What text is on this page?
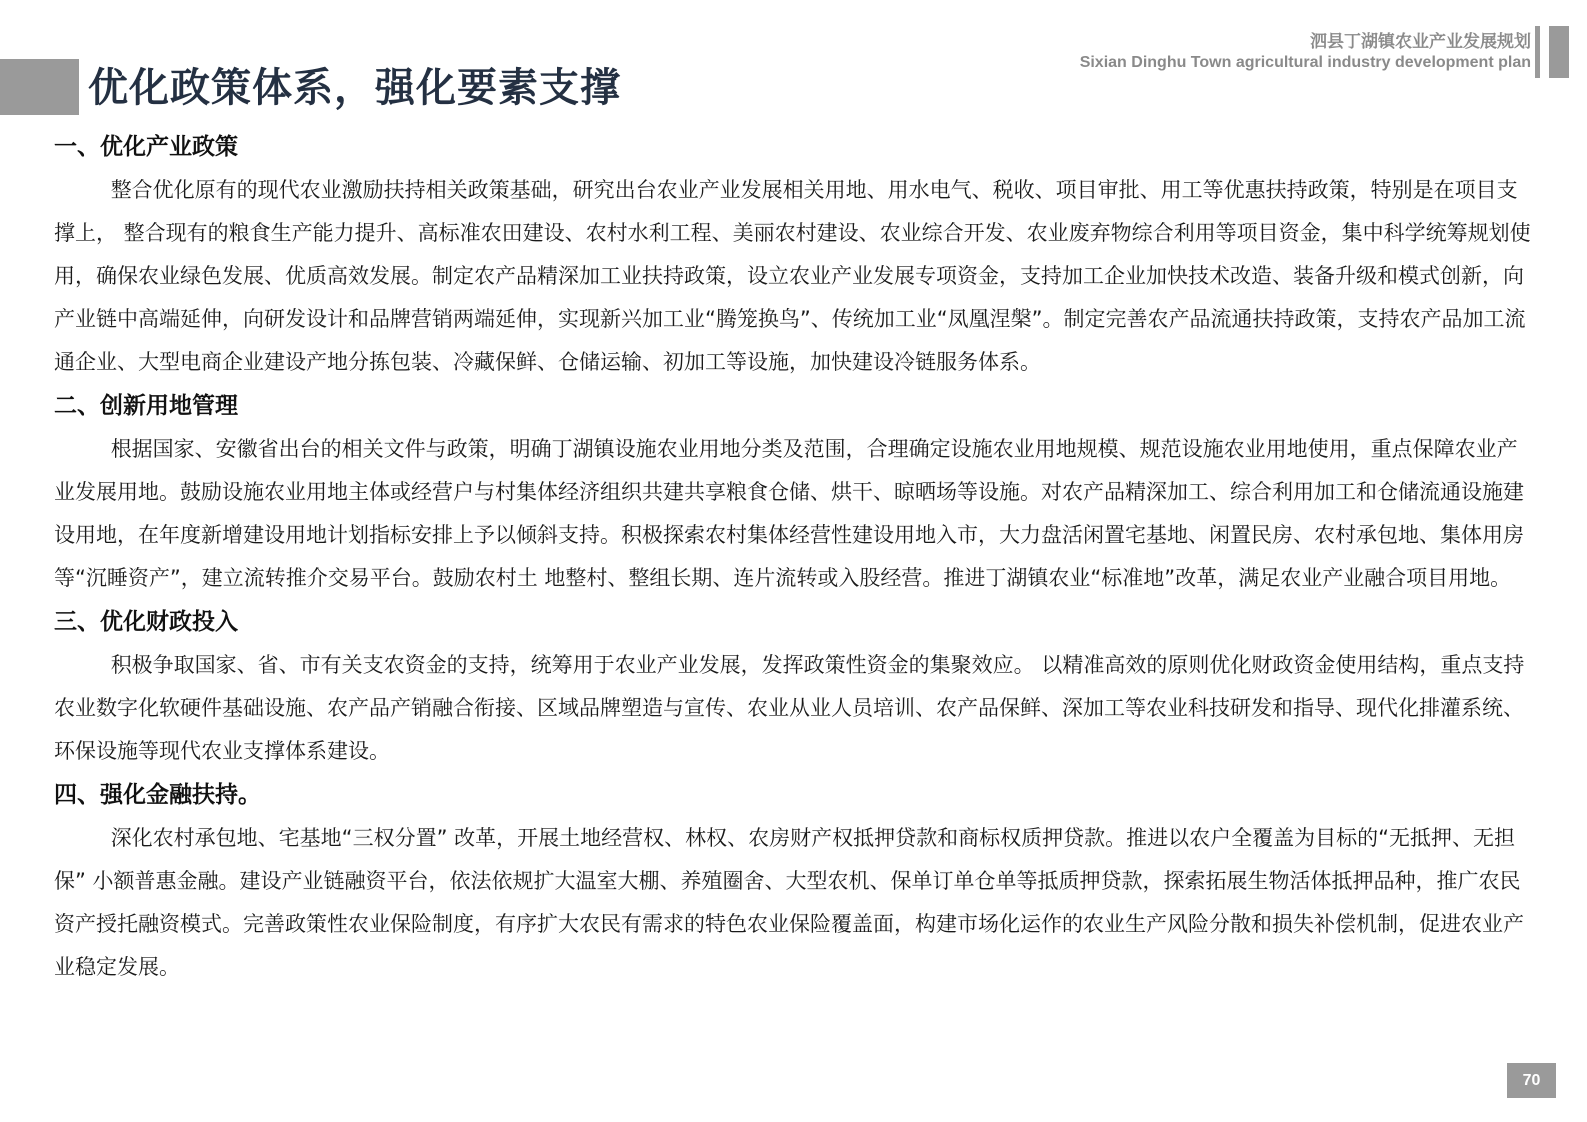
优化政策体系，强化要素支撑
泗县丁湖镇农业产业发展规划
Sixian Dinghu Town agricultural industry development plan
一、优化产业政策

整合优化原有的现代农业激励扶持相关政策基础，研究出台农业产业发展相关用地、用水电气、税收、项目审批、用工等优惠扶持政策，特别是在项目支撑上， 整合现有的粮食生产能力提升、高标准农田建设、农村水利工程、美丽农村建设、农业综合开发、农业废弃物综合利用等项目资金，集中科学统筹规划使用，确保农业绿色发展、优质高效发展。制定农产品精深加工业扶持政策，设立农业产业发展专项资金，支持加工企业加快技术改造、装备升级和模式创新，向产业链中高端延伸，向研发设计和品牌营销两端延伸，实现新兴加工业“腾笼换鸟”、传统加工业“凤凰涅槃”。制定完善农产品流通扶持政策，支持农产品加工流通企业、大型电商企业建设产地分拣包装、冷藏保鲜、仓储运输、初加工等设施，加快建设冷链服务体系。

二、创新用地管理

根据国家、安徽省出台的相关文件与政策，明确丁湖镇设施农业用地分类及范围，合理确定设施农业用地规模、规范设施农业用地使用，重点保障农业产业发展用地。鼓励设施农业用地主体或经营户与村集体经济组织共建共享粮食仓储、烘干、晾晒场等设施。对农产品精深加工、综合利用加工和仓储流通设施建设用地，在年度新增建设用地计划指标安排上予以倾斜支持。积极探索农村集体经营性建设用地入市，大力盘活闲置宅基地、闲置民房、农村承包地、集体用房等“沉睡资产”，建立流转推介交易平台。鼓励农村土 地整村、整组长期、连片流转或入股经营。推进丁湖镇农业“标准地”改革，满足农业产业融合项目用地。

三、优化财政投入

积极争取国家、省、市有关支农资金的支持，统筹用于农业产业发展，发挥政策性资金的集聚效应。 以精准高效的原则优化财政资金使用结构，重点支持农业数字化软硬件基础设施、农产品产销融合衔接、区域品牌塑造与宣传、农业从业人员培训、农产品保鲜、深加工等农业科技研发和指导、现代化排灌系统、环保设施等现代农业支撑体系建设。

四、强化金融扶持。

深化农村承包地、宅基地“三权分置” 改革，开展土地经营权、林权、农房财产权抵押贷款和商标权质押贷款。推进以农户全覆盖为目标的“无抵押、无担保” 小额普惠金融。建设产业链融资平台，依法依规扩大温室大棚、养殖圈舍、大型农机、保单订单仓单等抵质押贷款，探索拓展生物活体抵押品种，推广农民资产授托融资模式。完善政策性农业保险制度，有序扩大农民有需求的特色农业保险覆盖面，构建市场化运作的农业生产风险分散和损失补偿机制，促进农业产业稳定发展。

70
